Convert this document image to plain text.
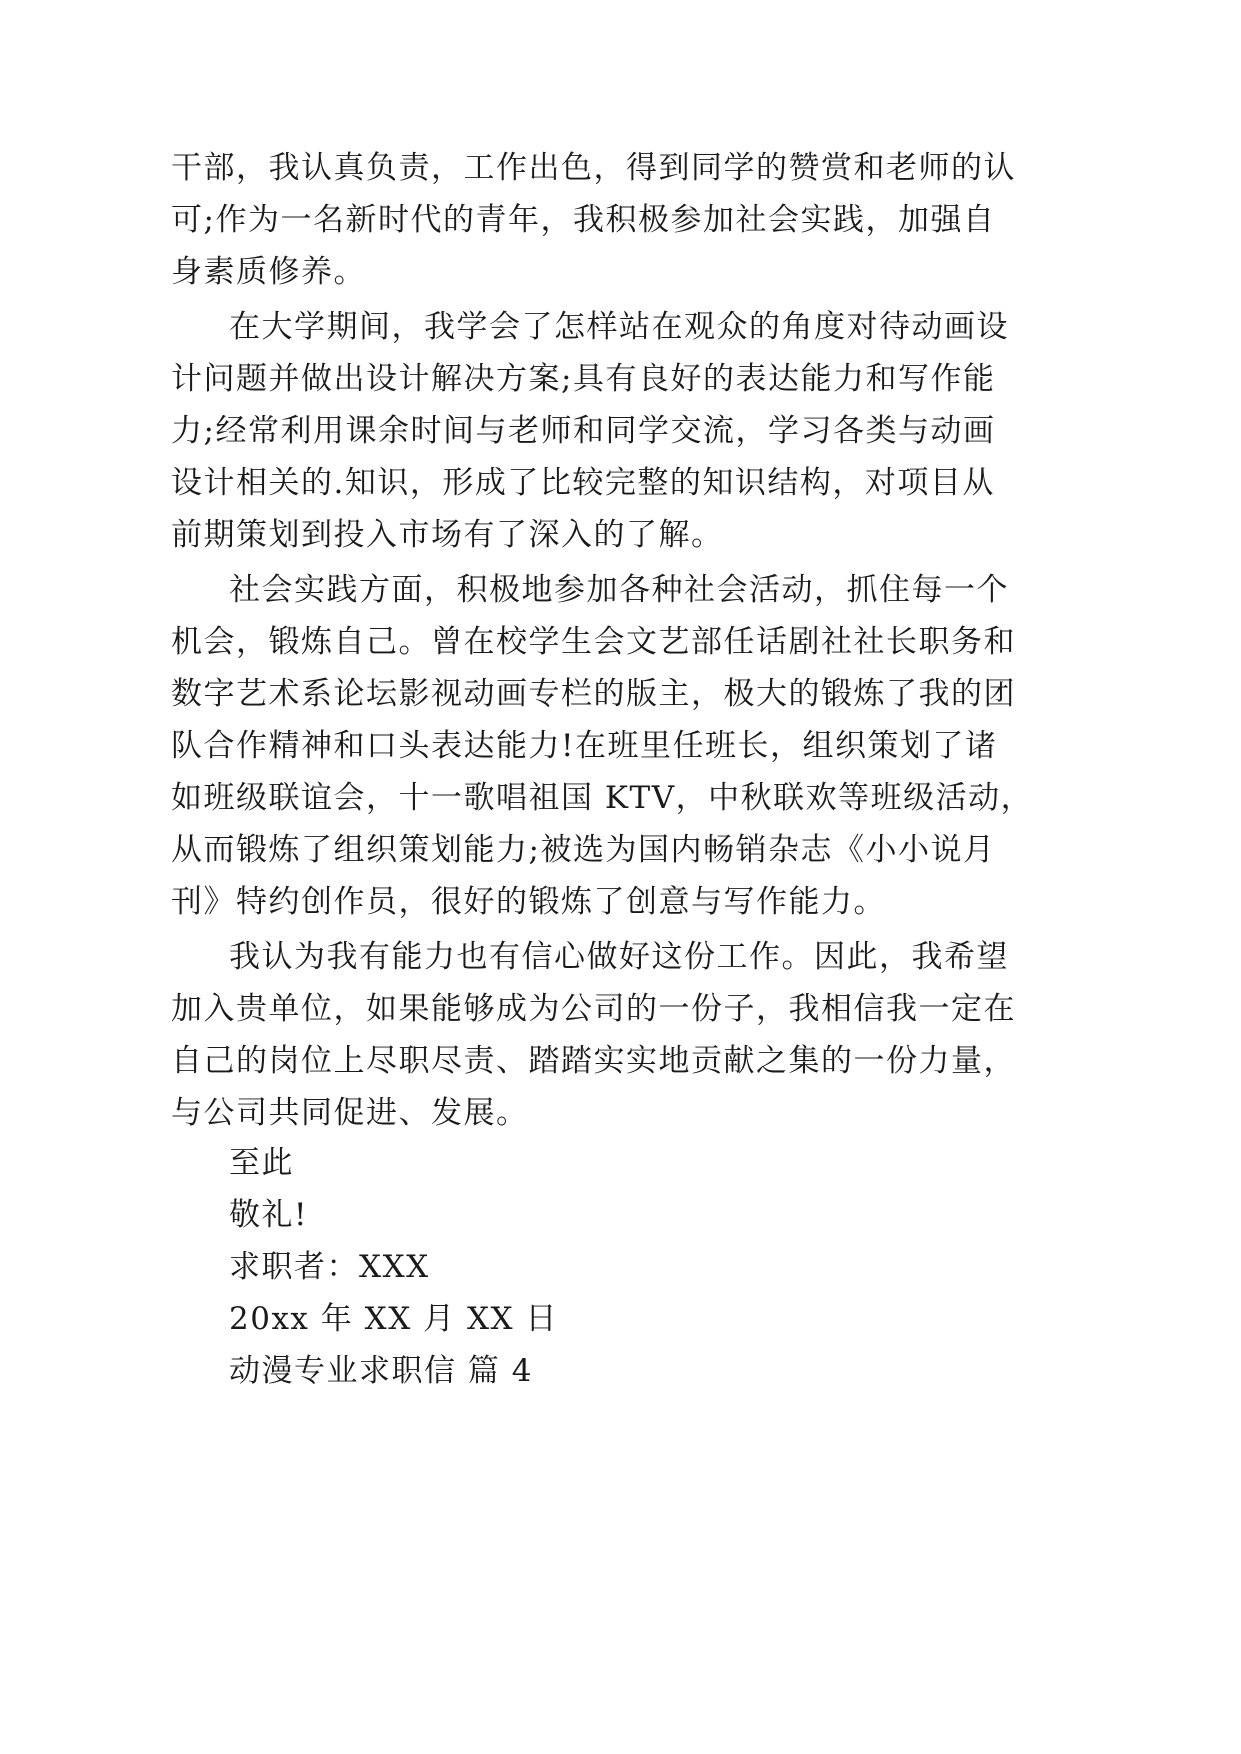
干部，我认真负责，工作出色，得到同学的赞赏和老师的认
可;作为一名新时代的青年，我积极参加社会实践，加强自
身素质修养。
在大学期间，我学会了怎样站在观众的角度对待动画设
计问题并做出设计解决方案;具有良好的表达能力和写作能
力;经常利用课余时间与老师和同学交流，学习各类与动画
设计相关的.知识，形成了比较完整的知识结构，对项目从
前期策划到投入市场有了深入的了解。
社会实践方面，积极地参加各种社会活动，抓住每一个
机会，锻炼自己。曾在校学生会文艺部任话剧社社长职务和
数字艺术系论坛影视动画专栏的版主，极大的锻炼了我的团
队合作精神和口头表达能力!在班里任班长，组织策划了诸
如班级联谊会，十一歌唱祖国 KTV，中秋联欢等班级活动，
从而锻炼了组织策划能力;被选为国内畅销杂志《小小说月
刊》特约创作员，很好的锻炼了创意与写作能力。
我认为我有能力也有信心做好这份工作。因此，我希望
加入贵单位，如果能够成为公司的一份子，我相信我一定在
自己的岗位上尽职尽责、踏踏实实地贡献之集的一份力量，
与公司共同促进、发展。
至此
敬礼!
求职者：XXX
20xx 年 XX 月 XX 日
动漫专业求职信 篇 4
